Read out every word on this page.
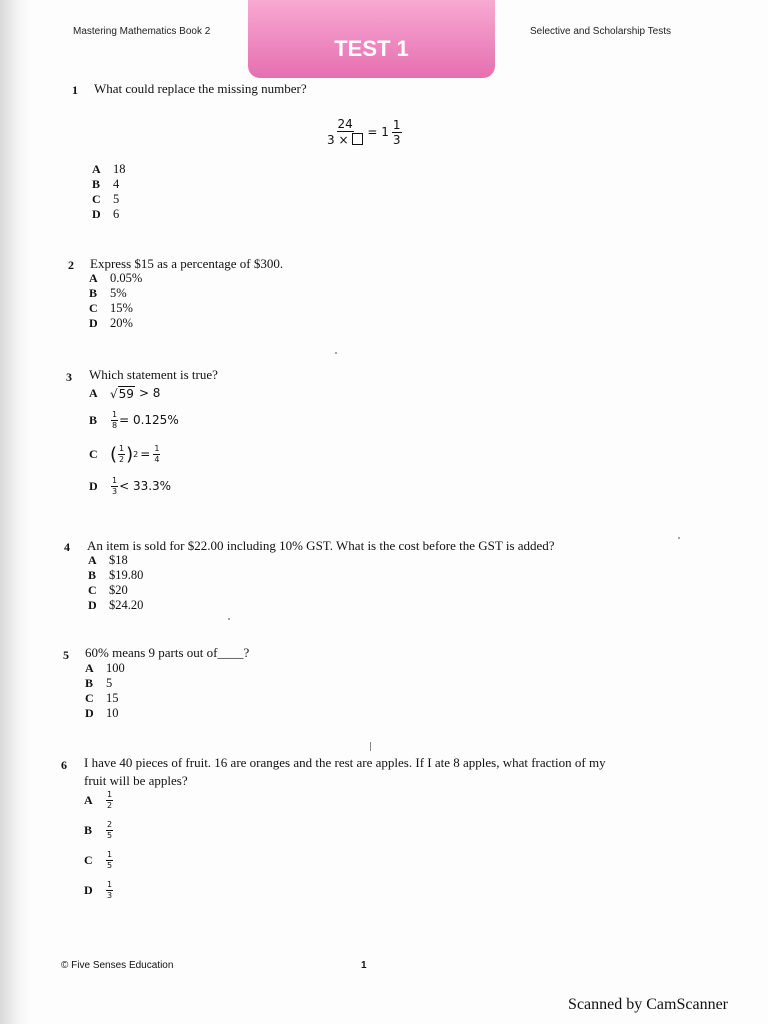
Mastering Mathematics Book 2
TEST 1
Selective and Scholarship Tests
1 What could replace the missing number?
$\frac{24}{3 \times} = 1 \frac{1}{3}$
A 18
B 4
C 5
D 6
2 Express $15 as a percentage of $300.
A 0.05%
B 5%
C 15%
D 20%
3 Which statement is true?
A	√ 59 > 8
B	$\frac{1}{8} = 0.125\%$
C ( $\frac{1}{2}$ ) $2 = \frac{1}{4}$
D	$\frac{1}{3} < 33.3\%$
4 An item is sold for $22.00 including 10% GST. What is the cost before the GST is added?
A $18
B $19.80
C $20
D $24.20
5 60% means 9 parts out of____?
A 100
B 5
C 15
D 10
6 I have 40 pieces of fruit. 16 are oranges and the rest are apples. If I ate 8 apples, what fraction of my
fruit will be apples?
A	$\frac{1}{2}$
B	$\frac{2}{5}$
C	$\frac{1}{5}$
D	$\frac{1}{3}$
© Five Senses Education	1
Scanned by CamScanner
